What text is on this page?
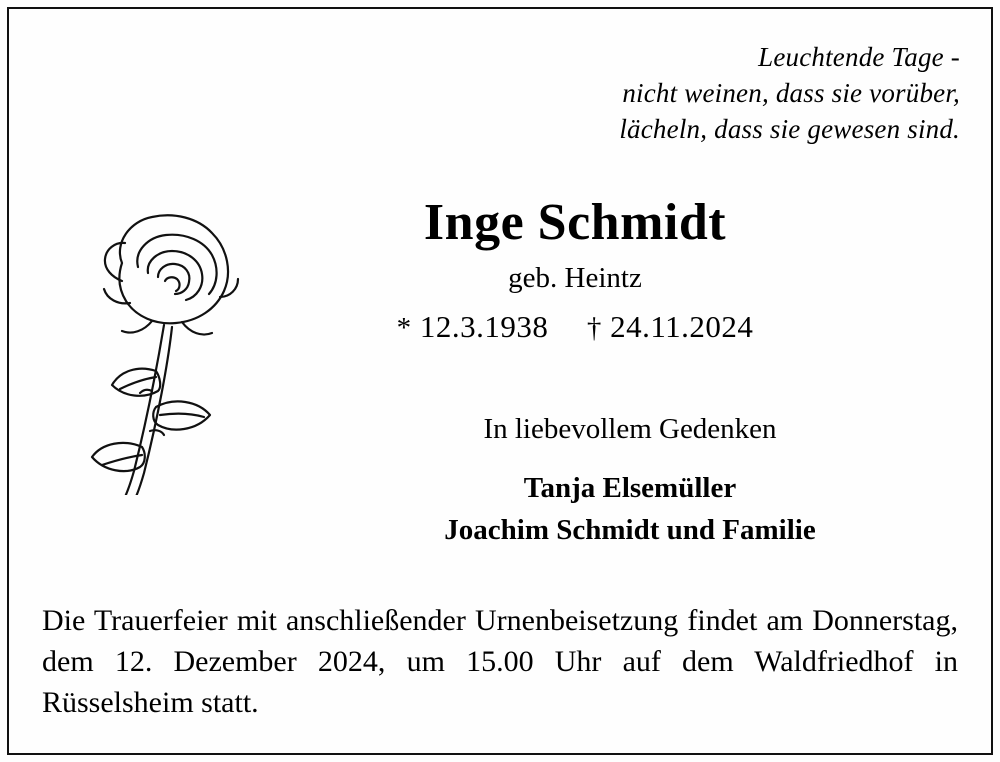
Leuchtende Tage -
nicht weinen, dass sie vorüber,
lächeln, dass sie gewesen sind.
Inge Schmidt
geb. Heintz
* 12.3.1938 † 24.11.2024
In liebevollem Gedenken
Tanja Elsemüller
Joachim Schmidt und Familie
Die Trauerfeier mit anschließender Urnenbeisetzung findet am Donnerstag, dem 12. Dezember 2024, um 15.00 Uhr auf dem Waldfriedhof in Rüsselsheim statt.
